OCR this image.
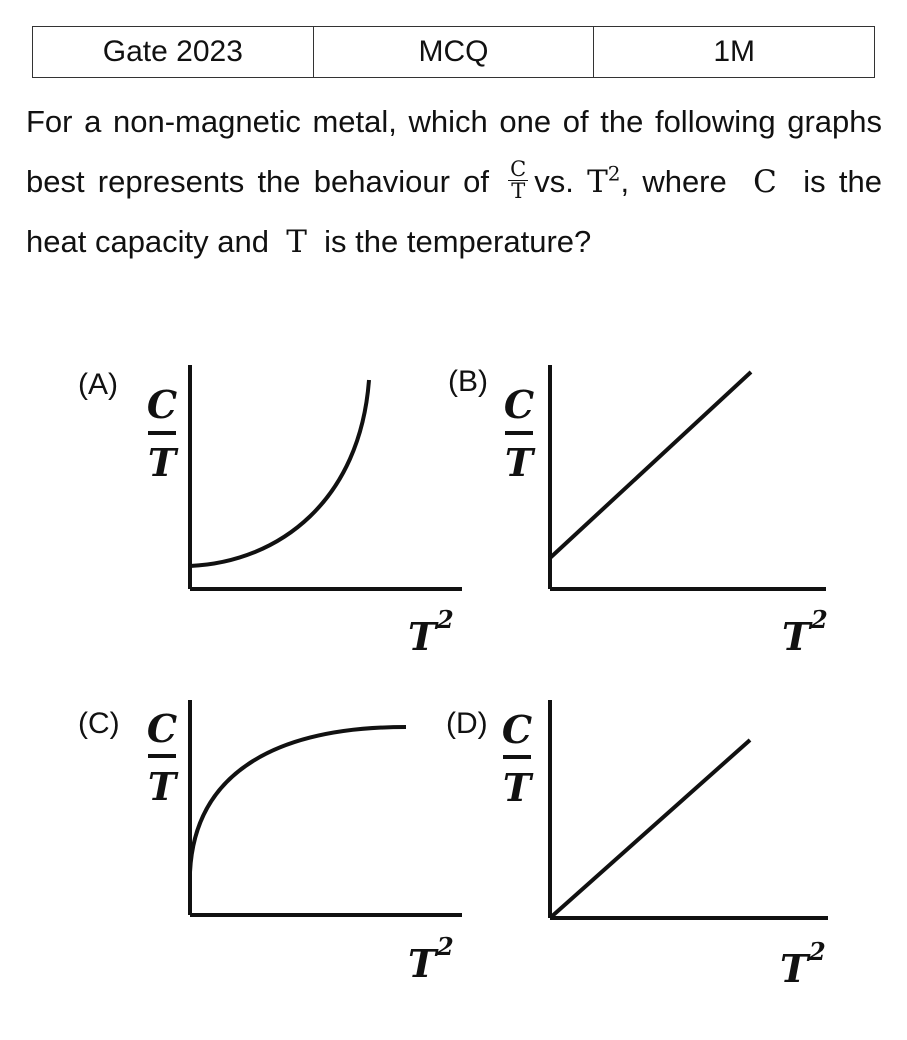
Gate 2023	MCQ	1M

For a non-magnetic metal, which one of the following graphs best represents the behaviour of $\frac{C}{T}$ vs. $T^2$, where C is the heat capacity and T is the temperature?

(A)	(B)
(C)	(D)
C
T
C
T
C
T
C
T
T 2	T 2
T 2	T 2
